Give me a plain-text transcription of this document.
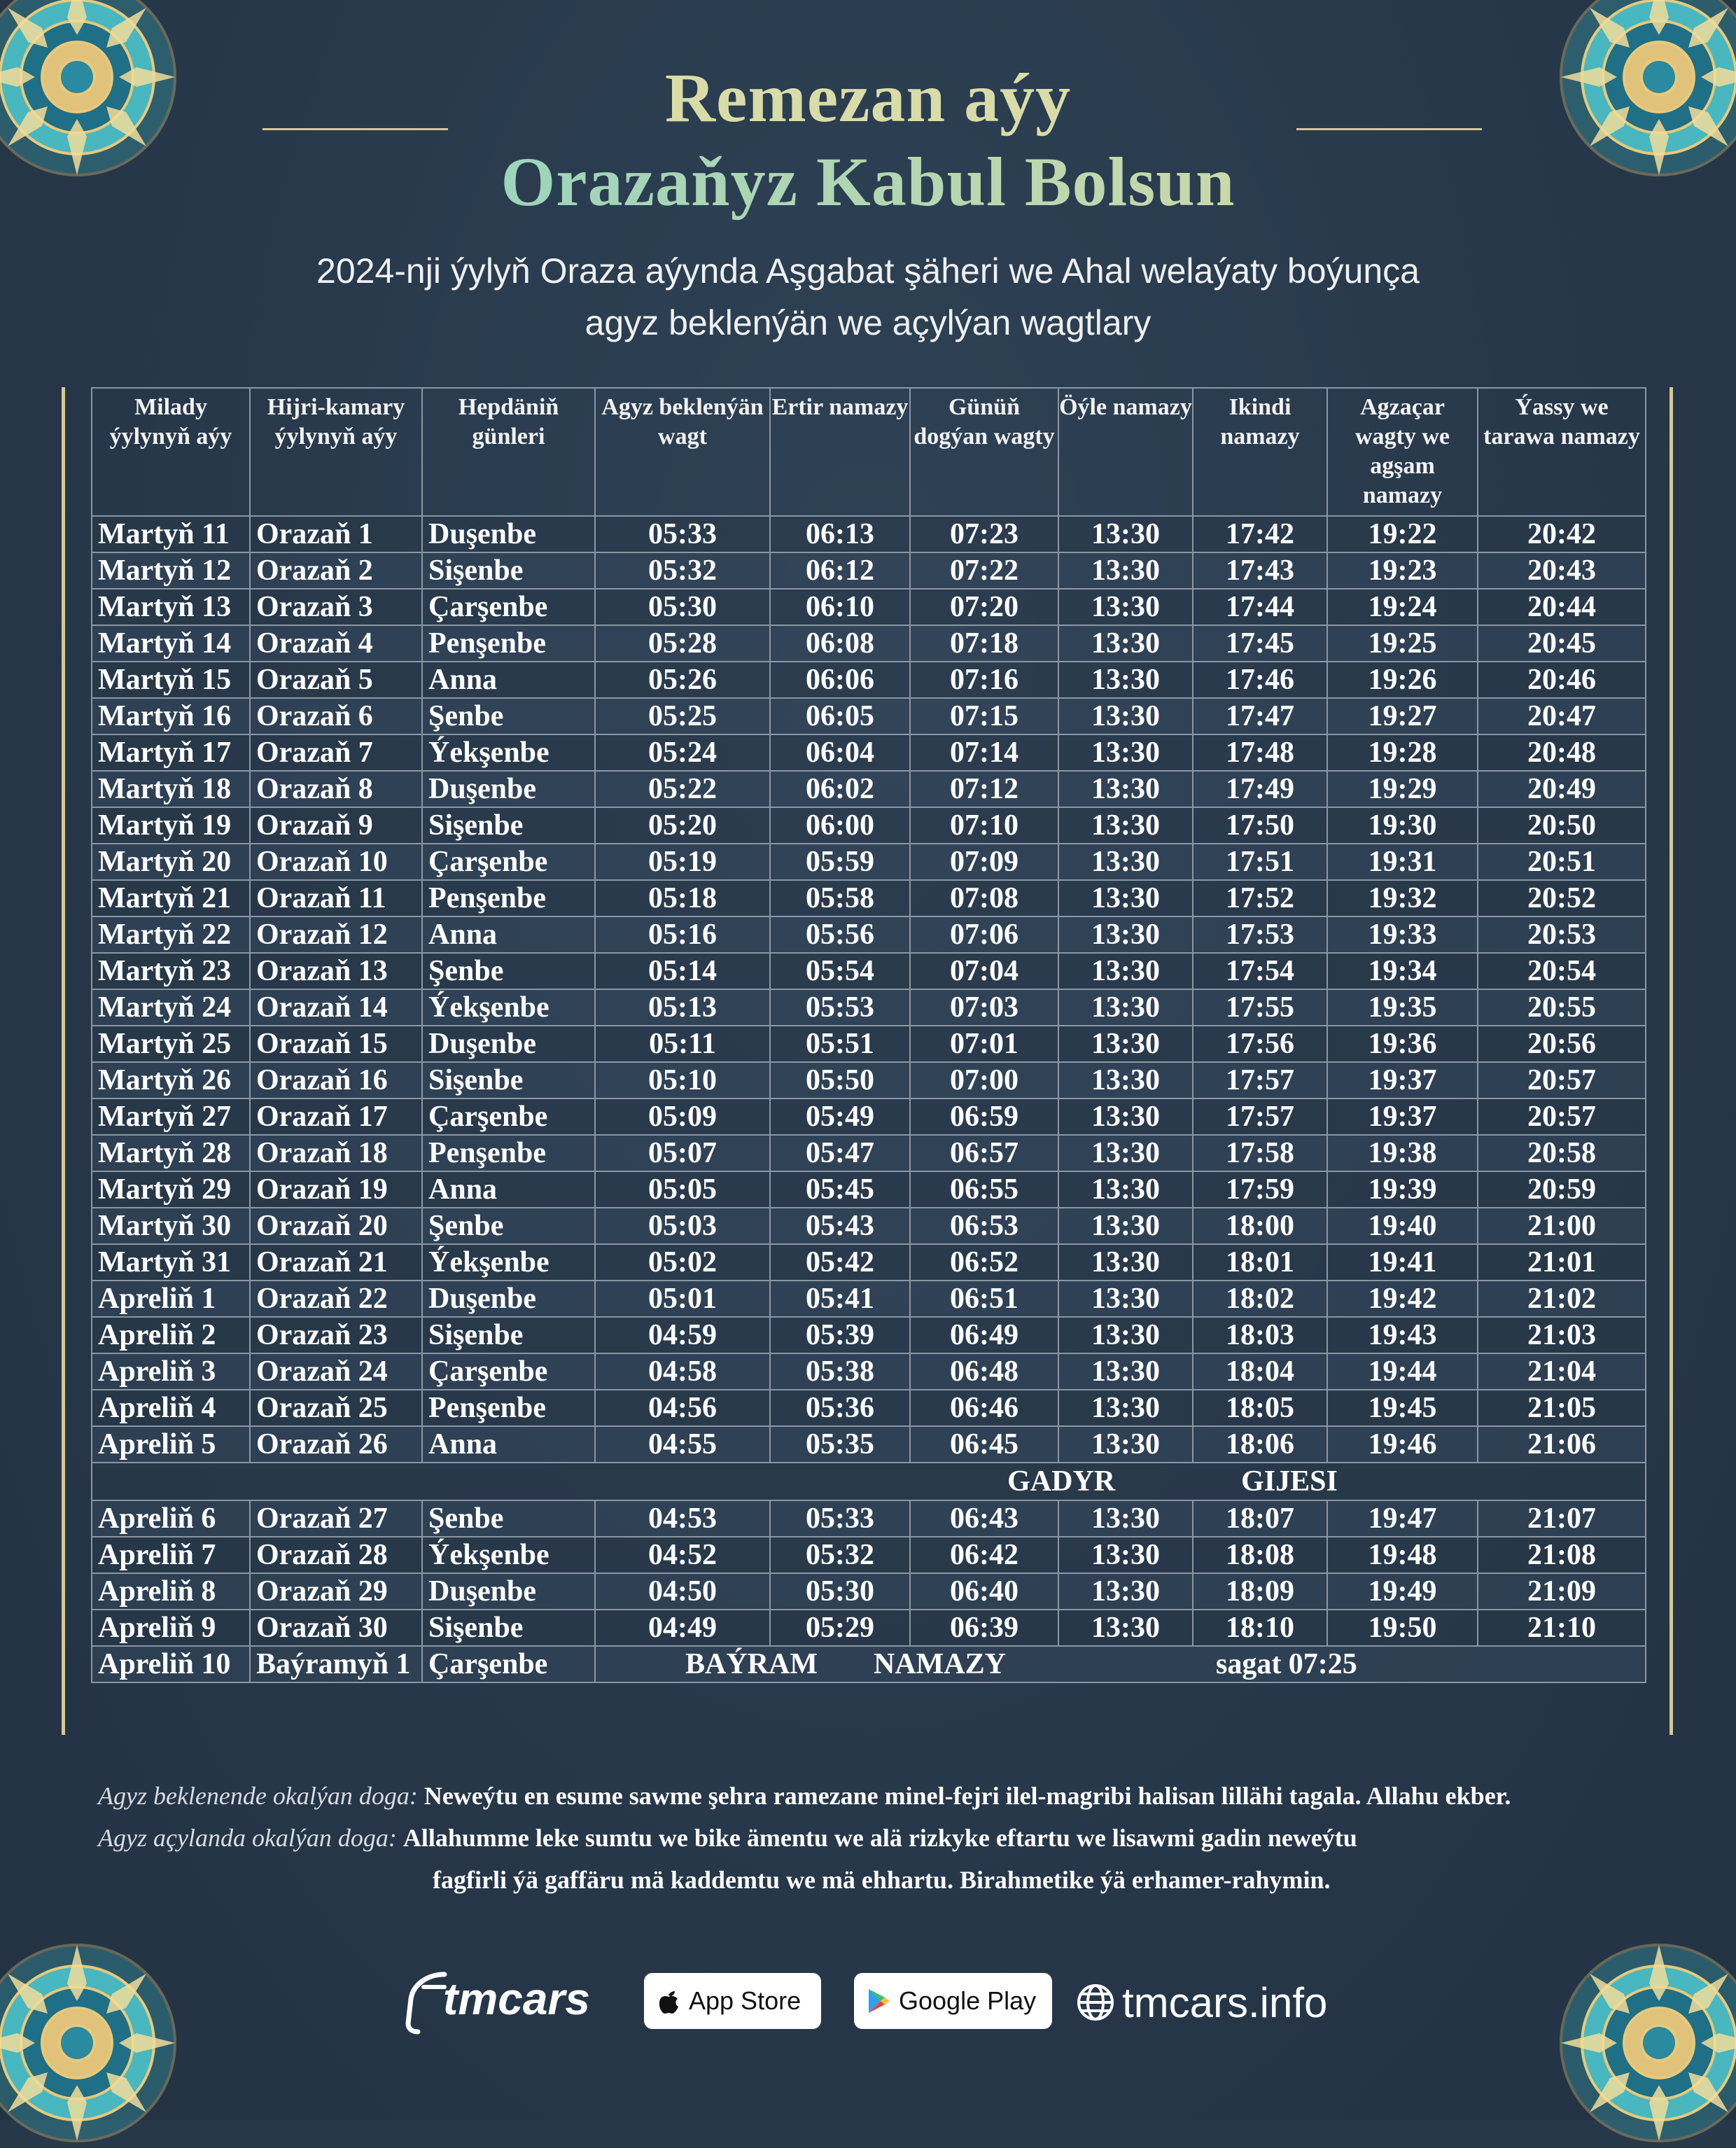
Remezan aýy
Orazaňyz Kabul Bolsun
2024-nji ýylyň Oraza aýynda Aşgabat şäheri we Ahal welaýaty boýunça
agyz beklenýän we açylýan wagtlary
Milady ýylynyň aýy	Hijri-kamary ýylynyň aýy	Hepdäniň günleri	Agyz beklenýän wagt	Ertir namazy	Günüň dogýan wagty	Öýle namazy	Ikindi namazy	Agzaçar wagty we agşam namazy	Ýassy we tarawa namazy
Martyň 11	Orazaň 1	Duşenbe	05:33	06:13	07:23	13:30	17:42	19:22	20:42
Martyň 12	Orazaň 2	Sişenbe	05:32	06:12	07:22	13:30	17:43	19:23	20:43
Martyň 13	Orazaň 3	Çarşenbe	05:30	06:10	07:20	13:30	17:44	19:24	20:44
Martyň 14	Orazaň 4	Penşenbe	05:28	06:08	07:18	13:30	17:45	19:25	20:45
Martyň 15	Orazaň 5	Anna	05:26	06:06	07:16	13:30	17:46	19:26	20:46
Martyň 16	Orazaň 6	Şenbe	05:25	06:05	07:15	13:30	17:47	19:27	20:47
Martyň 17	Orazaň 7	Ýekşenbe	05:24	06:04	07:14	13:30	17:48	19:28	20:48
Martyň 18	Orazaň 8	Duşenbe	05:22	06:02	07:12	13:30	17:49	19:29	20:49
Martyň 19	Orazaň 9	Sişenbe	05:20	06:00	07:10	13:30	17:50	19:30	20:50
Martyň 20	Orazaň 10	Çarşenbe	05:19	05:59	07:09	13:30	17:51	19:31	20:51
Martyň 21	Orazaň 11	Penşenbe	05:18	05:58	07:08	13:30	17:52	19:32	20:52
Martyň 22	Orazaň 12	Anna	05:16	05:56	07:06	13:30	17:53	19:33	20:53
Martyň 23	Orazaň 13	Şenbe	05:14	05:54	07:04	13:30	17:54	19:34	20:54
Martyň 24	Orazaň 14	Ýekşenbe	05:13	05:53	07:03	13:30	17:55	19:35	20:55
Martyň 25	Orazaň 15	Duşenbe	05:11	05:51	07:01	13:30	17:56	19:36	20:56
Martyň 26	Orazaň 16	Sişenbe	05:10	05:50	07:00	13:30	17:57	19:37	20:57
Martyň 27	Orazaň 17	Çarşenbe	05:09	05:49	06:59	13:30	17:57	19:37	20:57
Martyň 28	Orazaň 18	Penşenbe	05:07	05:47	06:57	13:30	17:58	19:38	20:58
Martyň 29	Orazaň 19	Anna	05:05	05:45	06:55	13:30	17:59	19:39	20:59
Martyň 30	Orazaň 20	Şenbe	05:03	05:43	06:53	13:30	18:00	19:40	21:00
Martyň 31	Orazaň 21	Ýekşenbe	05:02	05:42	06:52	13:30	18:01	19:41	21:01
Apreliň 1	Orazaň 22	Duşenbe	05:01	05:41	06:51	13:30	18:02	19:42	21:02
Apreliň 2	Orazaň 23	Sişenbe	04:59	05:39	06:49	13:30	18:03	19:43	21:03
Apreliň 3	Orazaň 24	Çarşenbe	04:58	05:38	06:48	13:30	18:04	19:44	21:04
Apreliň 4	Orazaň 25	Penşenbe	04:56	05:36	06:46	13:30	18:05	19:45	21:05
Apreliň 5	Orazaň 26	Anna	04:55	05:35	06:45	13:30	18:06	19:46	21:06
GADYR GIJESI									
Apreliň 6	Orazaň 27	Şenbe	04:53	05:33	06:43	13:30	18:07	19:47	21:07
Apreliň 7	Orazaň 28	Ýekşenbe	04:52	05:32	06:42	13:30	18:08	19:48	21:08
Apreliň 8	Orazaň 29	Duşenbe	04:50	05:30	06:40	13:30	18:09	19:49	21:09
Apreliň 9	Orazaň 30	Sişenbe	04:49	05:29	06:39	13:30	18:10	19:50	21:10
Apreliň 10	Baýramyň 1	Çarşenbe	BAÝRAM NAMAZY sagat 07:25						
Agyz beklenende okalýan doga: Neweýtu en esume sawme şehra ramezane minel-fejri ilel-magribi halisan lillähi tagala. Allahu ekber.
Agyz açylanda okalýan doga: Allahumme leke sumtu we bike ämentu we alä rizkyke eftartu we lisawmi gadin neweýtu
fagfirli ýä gaffäru mä kaddemtu we mä ehhartu. Birahmetike ýä erhamer-rahymin.
tmcars	App Store	Google Play tmcars.info
